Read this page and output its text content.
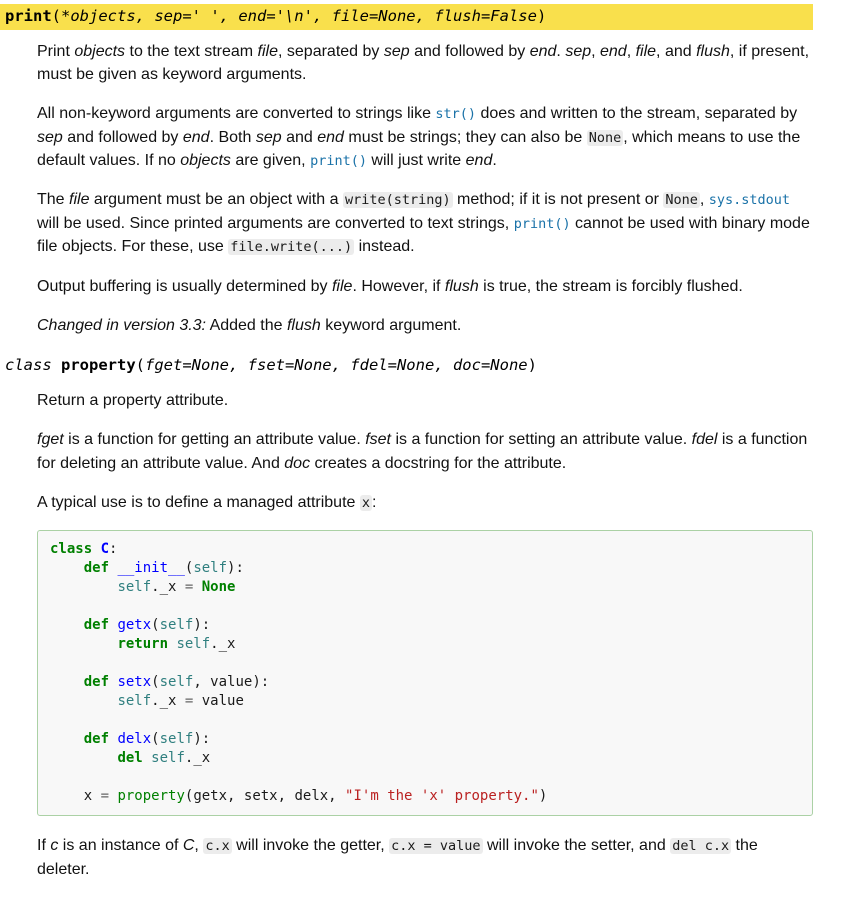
print(*objects, sep=' ', end='\n', file=None, flush=False)

Print objects to the text stream file, separated by sep and followed by end. sep, end, file, and flush, if present, must be given as keyword arguments.

All non-keyword arguments are converted to strings like str() does and written to the stream, separated by sep and followed by end. Both sep and end must be strings; they can also be None , which means to use the default values. If no objects are given, print() will just write end.

The file argument must be an object with a write(string) method; if it is not present or None , sys.stdout will be used. Since printed arguments are converted to text strings, print() cannot be used with binary mode file objects. For these, use file.write(...) instead.

Output buffering is usually determined by file. However, if flush is true, the stream is forcibly flushed.

Changed in version 3.3: Added the flush keyword argument.

class property(fget=None, fset=None, fdel=None, doc=None)

Return a property attribute.

fget is a function for getting an attribute value. fset is a function for setting an attribute value. fdel is a function for deleting an attribute value. And doc creates a docstring for the attribute.

A typical use is to define a managed attribute x :

class C:
def __init__(self):
self._x = None

def getx(self):
return self._x

def setx(self, value):
self._x = value

def delx(self):
del self._x

x = property(getx, setx, delx, "I'm the 'x' property.")

If c is an instance of C, c.x will invoke the getter, c.x = value will invoke the setter, and del c.x the deleter.
